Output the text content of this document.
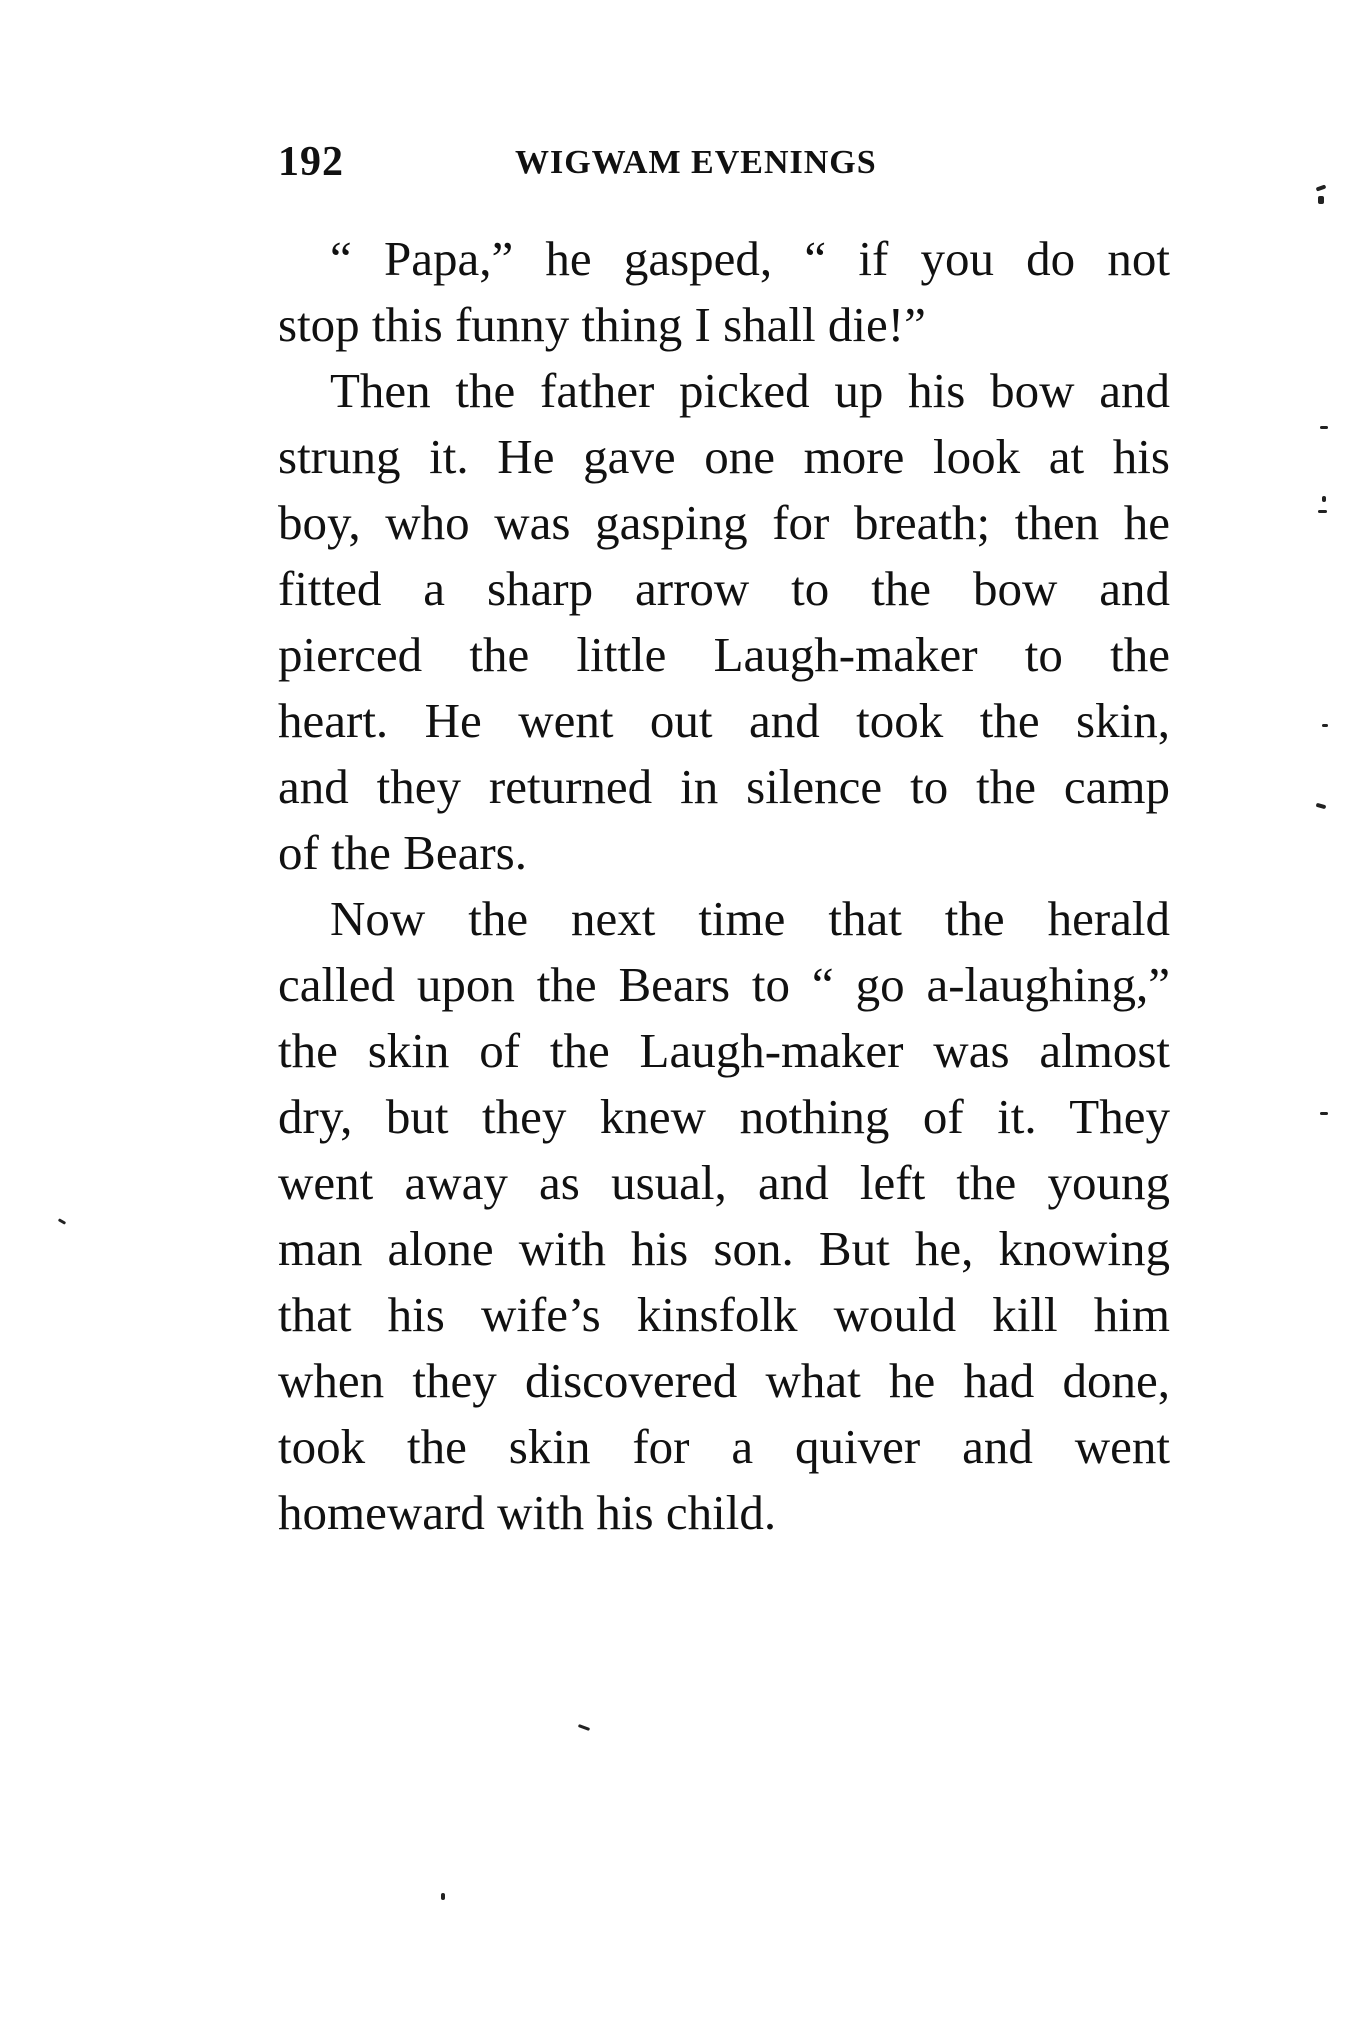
192	WIGWAM EVENINGS
“ Papa,” he gasped, “ if you do not
stop this funny thing I shall die!”
Then the father picked up his bow and
strung it. He gave one more look at his
boy, who was gasping for breath; then he
fitted a sharp arrow to the bow and
pierced the little Laugh-maker to the
heart. He went out and took the skin,
and they returned in silence to the camp
of the Bears.
Now the next time that the herald
called upon the Bears to “ go a-laughing,”
the skin of the Laugh-maker was almost
dry, but they knew nothing of it. They
went away as usual, and left the young
man alone with his son. But he, knowing
that his wife’s kinsfolk would kill him
when they discovered what he had done,
took the skin for a quiver and went
homeward with his child.
